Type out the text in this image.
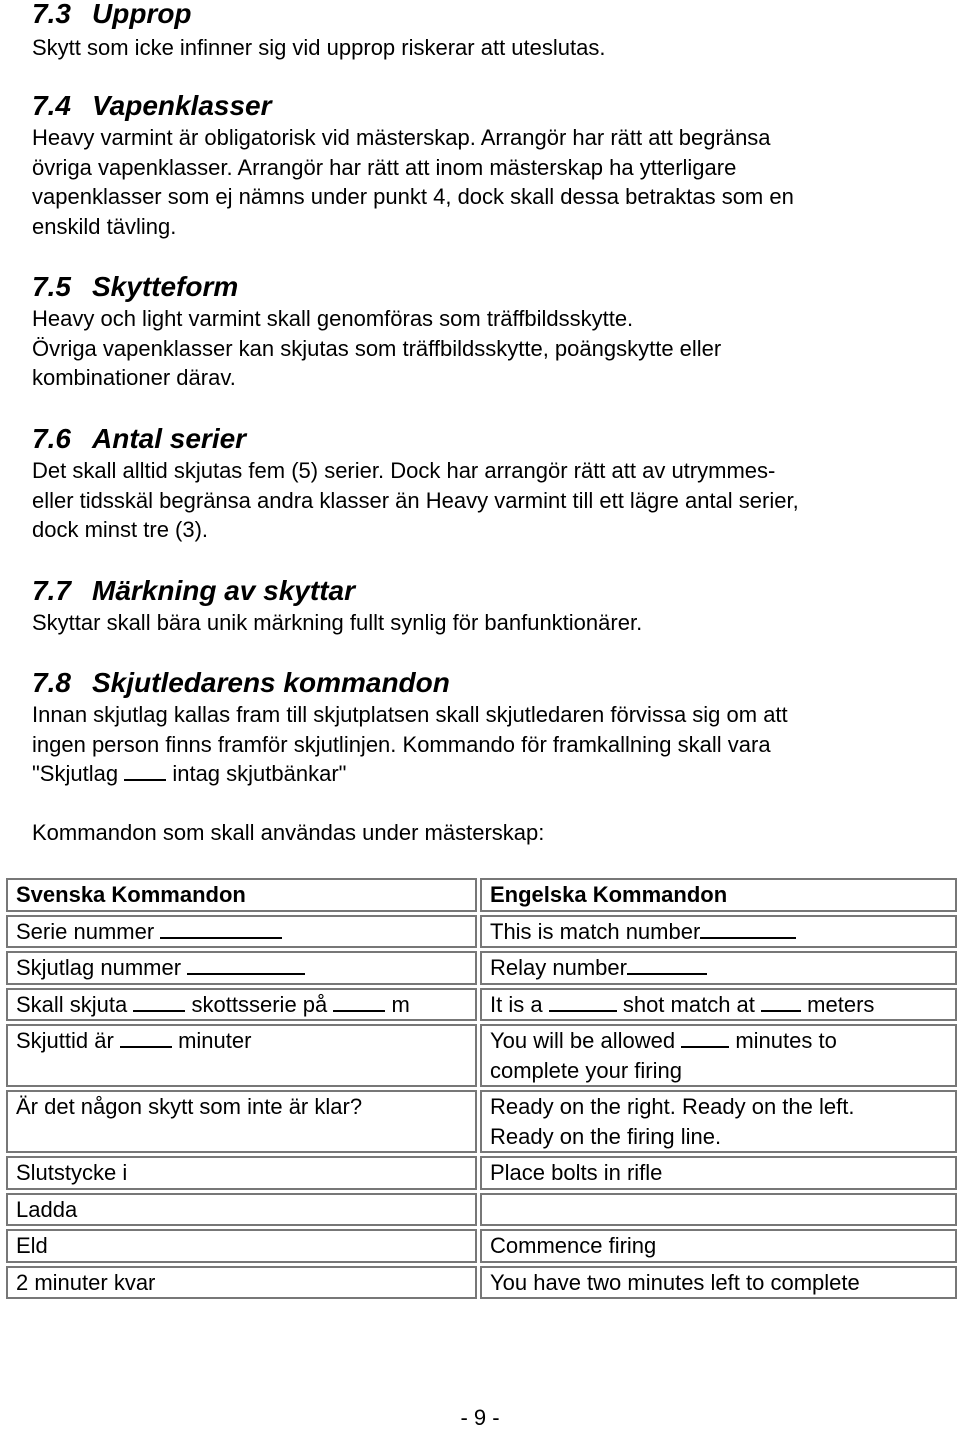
7.3 Upprop

Skytt som icke infinner sig vid upprop riskerar att uteslutas.

7.4 Vapenklasser

Heavy varmint är obligatorisk vid mästerskap. Arrangör har rätt att begränsa

övriga vapenklasser. Arrangör har rätt att inom mästerskap ha ytterligare

vapenklasser som ej nämns under punkt 4, dock skall dessa betraktas som en

enskild tävling.

7.5 Skytteform

Heavy och light varmint skall genomföras som träffbildsskytte.

Övriga vapenklasser kan skjutas som träffbildsskytte, poängskytte eller

kombinationer därav.

7.6 Antal serier

Det skall alltid skjutas fem (5) serier. Dock har arrangör rätt att av utrymmes-

eller tidsskäl begränsa andra klasser än Heavy varmint till ett lägre antal serier,

dock minst tre (3).

7.7 Märkning av skyttar

Skyttar skall bära unik märkning fullt synlig för banfunktionärer.

7.8 Skjutledarens kommandon

Innan skjutlag kallas fram till skjutplatsen skall skjutledaren förvissa sig om att

ingen person finns framför skjutlinjen. Kommando för framkallning skall vara

"Skjutlag intag skjutbänkar"

Kommandon som skall användas under mästerskap:

Svenska Kommandon	Engelska Kommandon
Serie nummer	This is match number
Skjutlag nummer	Relay number
Skall skjuta skottsserie på m	It is a shot match at meters
Skjuttid är minuter	You will be allowed minutes to
complete your firing
Är det någon skytt som inte är klar?	Ready on the right. Ready on the left.
Ready on the firing line.
Slutstycke i	Place bolts in rifle
Ladda	
Eld	Commence firing
2 minuter kvar	You have two minutes left to complete
- 9 -
